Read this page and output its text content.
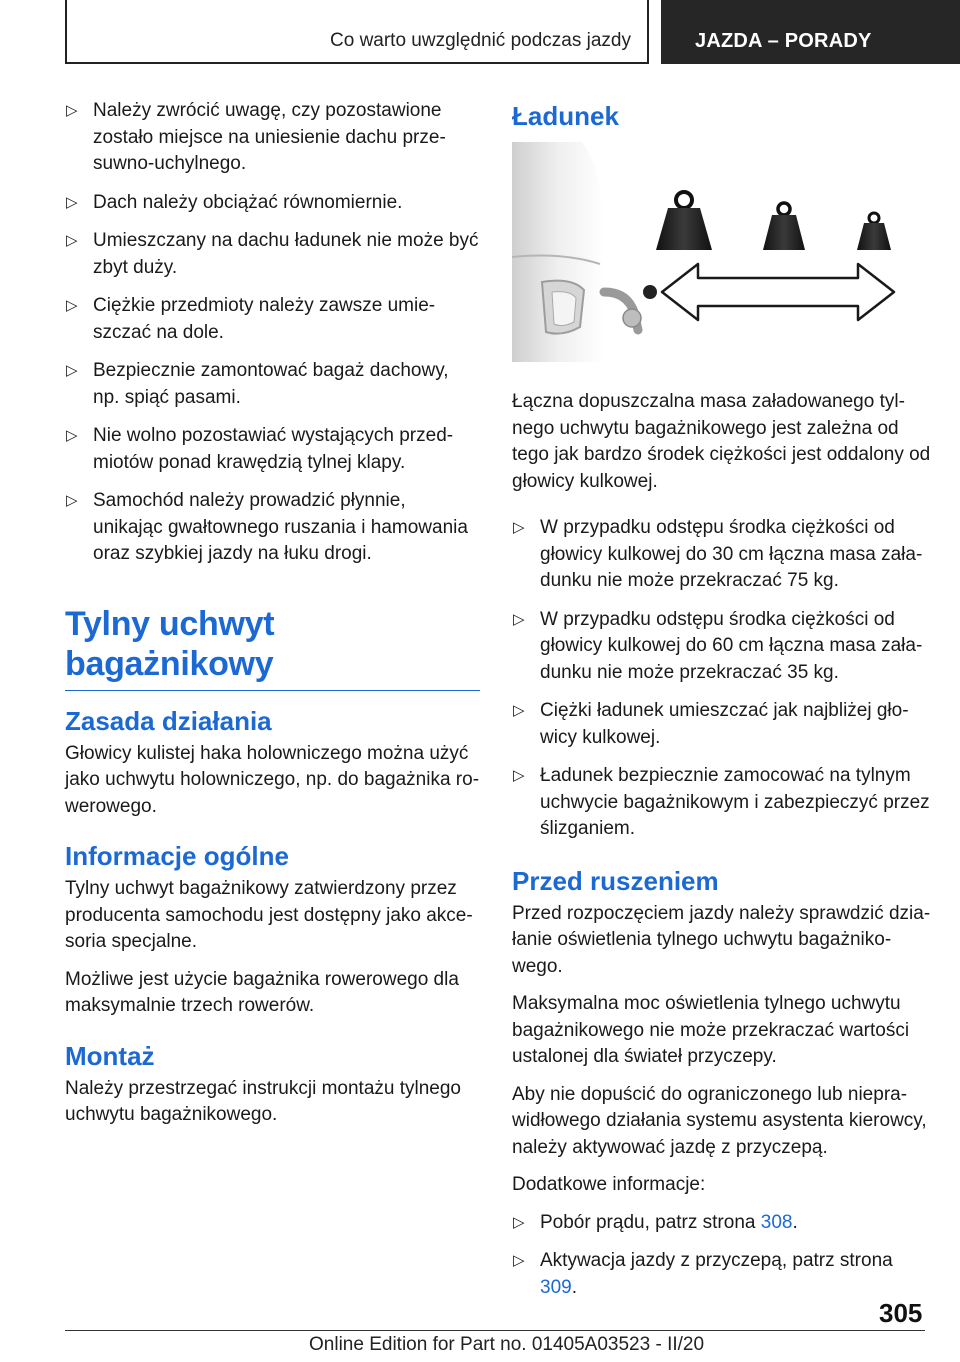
Co warto uwzględnić podczas jazdy	JAZDA – PORADY
▷ Należy zwrócić uwagę, czy pozostawione zostało miejsce na uniesienie dachu przesuwno-uchylnego.
▷ Dach należy obciążać równomiernie.
▷ Umieszczany na dachu ładunek nie może być zbyt duży.
▷ Ciężkie przedmioty należy zawsze umieszczać na dole.
▷ Bezpiecznie zamontować bagaż dachowy, np. spiąć pasami.
▷ Nie wolno pozostawiać wystających przedmiotów ponad krawędzią tylnej klapy.
▷ Samochód należy prowadzić płynnie, unikając gwałtownego ruszania i hamowania oraz szybkiej jazdy na łuku drogi.
Tylny uchwyt bagażnikowy
Zasada działania

Głowicy kulistej haka holowniczego można użyć jako uchwytu holowniczego, np. do bagażnika rowerowego.

Informacje ogólne

Tylny uchwyt bagażnikowy zatwierdzony przez producenta samochodu jest dostępny jako akcesoria specjalne.

Możliwe jest użycie bagażnika rowerowego dla maksymalnie trzech rowerów.

Montaż

Należy przestrzegać instrukcji montażu tylnego uchwytu bagażnikowego.

Ładunek

Łączna dopuszczalna masa załadowanego tylnego uchwytu bagażnikowego jest zależna od tego jak bardzo środek ciężkości jest oddalony od głowicy kulkowej.

▷ W przypadku odstępu środka ciężkości od głowicy kulkowej do 30 cm łączna masa załadunku nie może przekraczać 75 kg.
▷ W przypadku odstępu środka ciężkości od głowicy kulkowej do 60 cm łączna masa załadunku nie może przekraczać 35 kg.
▷ Ciężki ładunek umieszczać jak najbliżej głowicy kulkowej.
▷ Ładunek bezpiecznie zamocować na tylnym uchwycie bagażnikowym i zabezpieczyć przez ślizganiem.
Przed ruszeniem

Przed rozpoczęciem jazdy należy sprawdzić działanie oświetlenia tylnego uchwytu bagażnikowego.

Maksymalna moc oświetlenia tylnego uchwytu bagażnikowego nie może przekraczać wartości ustalonej dla świateł przyczepy.

Aby nie dopuścić do ograniczonego lub nieprawidłowego działania systemu asystenta kierowcy, należy aktywować jazdę z przyczepą.

Dodatkowe informacje:

▷ Pobór prądu, patrz strona 308.
▷ Aktywacja jazdy z przyczepą, patrz strona 309.
305
Online Edition for Part no. 01405A03523 - II/20
